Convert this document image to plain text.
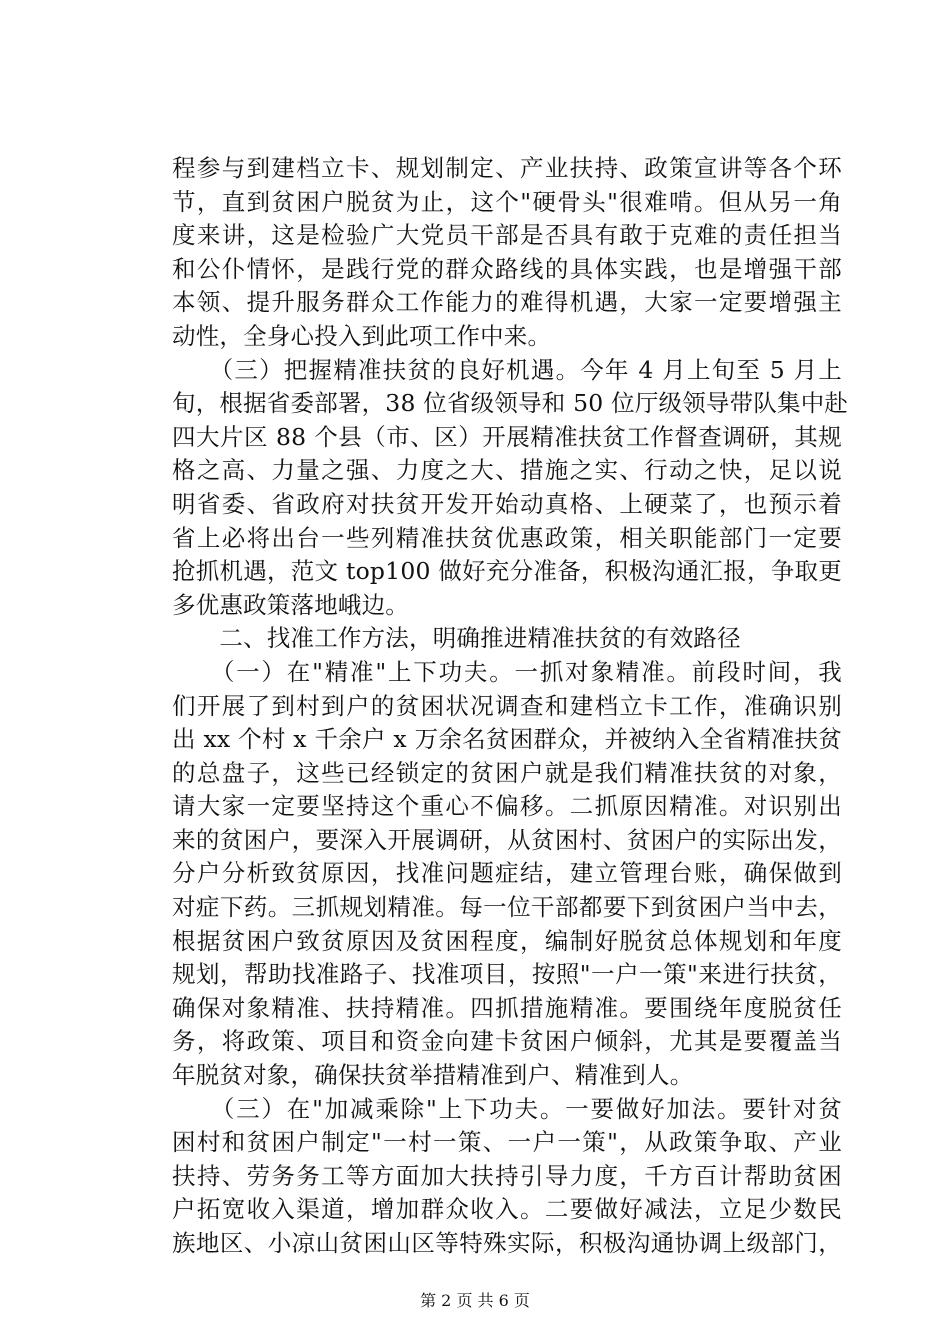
程参与到建档立卡、规划制定、产业扶持、政策宣讲等各个环
节，直到贫困户脱贫为止，这个"硬骨头"很难啃。但从另一角
度来讲，这是检验广大党员干部是否具有敢于克难的责任担当
和公仆情怀，是践行党的群众路线的具体实践，也是增强干部
本领、提升服务群众工作能力的难得机遇，大家一定要增强主
动性，全身心投入到此项工作中来。
　　（三）把握精准扶贫的良好机遇。今年 4 月上旬至 5 月上
旬，根据省委部署，38 位省级领导和 50 位厅级领导带队集中赴
四大片区 88 个县（市、区）开展精准扶贫工作督查调研，其规
格之高、力量之强、力度之大、措施之实、行动之快，足以说
明省委、省政府对扶贫开发开始动真格、上硬菜了，也预示着
省上必将出台一些列精准扶贫优惠政策，相关职能部门一定要
抢抓机遇，范文 top100 做好充分准备，积极沟通汇报，争取更
多优惠政策落地峨边。
　　二、找准工作方法，明确推进精准扶贫的有效路径
　　（一）在"精准"上下功夫。一抓对象精准。前段时间，我
们开展了到村到户的贫困状况调查和建档立卡工作，准确识别
出 xx 个村 x 千余户 x 万余名贫困群众，并被纳入全省精准扶贫
的总盘子，这些已经锁定的贫困户就是我们精准扶贫的对象，
请大家一定要坚持这个重心不偏移。二抓原因精准。对识别出
来的贫困户，要深入开展调研，从贫困村、贫困户的实际出发，
分户分析致贫原因，找准问题症结，建立管理台账，确保做到
对症下药。三抓规划精准。每一位干部都要下到贫困户当中去，
根据贫困户致贫原因及贫困程度，编制好脱贫总体规划和年度
规划，帮助找准路子、找准项目，按照"一户一策"来进行扶贫，
确保对象精准、扶持精准。四抓措施精准。要围绕年度脱贫任
务，将政策、项目和资金向建卡贫困户倾斜，尤其是要覆盖当
年脱贫对象，确保扶贫举措精准到户、精准到人。
　　（三）在"加减乘除"上下功夫。一要做好加法。要针对贫
困村和贫困户制定"一村一策、一户一策"，从政策争取、产业
扶持、劳务务工等方面加大扶持引导力度，千方百计帮助贫困
户拓宽收入渠道，增加群众收入。二要做好减法，立足少数民
族地区、小凉山贫困山区等特殊实际，积极沟通协调上级部门，
第 2 页 共 6 页
